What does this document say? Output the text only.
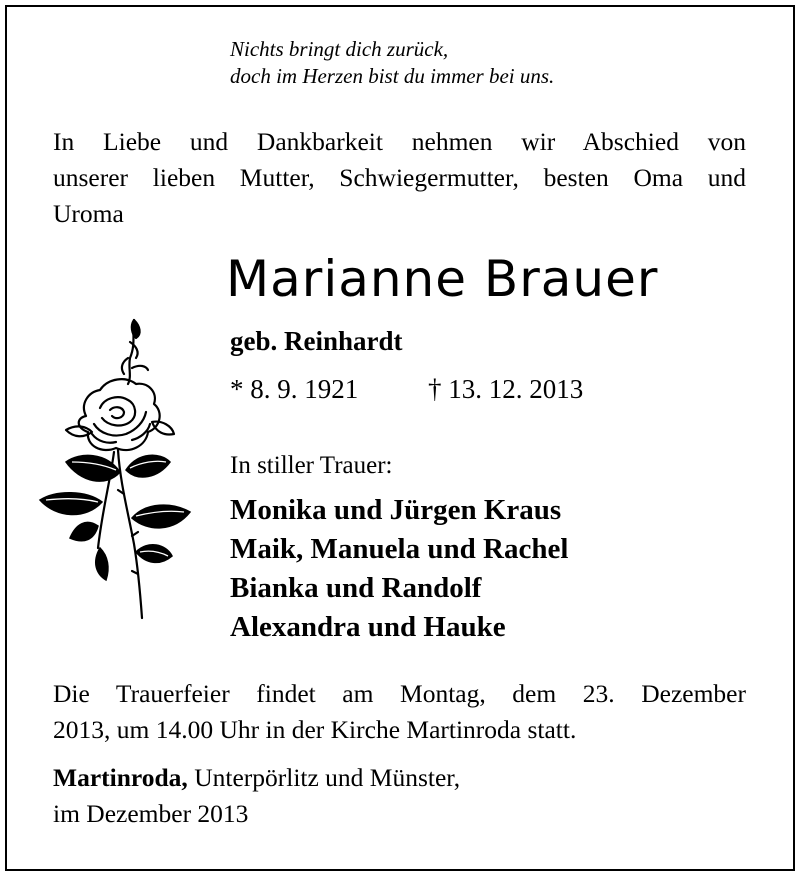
Nichts bringt dich zurück,
doch im Herzen bist du immer bei uns.
In Liebe und Dankbarkeit nehmen wir Abschied von
unserer lieben Mutter, Schwiegermutter, besten Oma und
Uroma
Marianne Brauer
geb. Reinhardt
* 8. 9. 1921	† 13. 12. 2013
In stiller Trauer:
Monika und Jürgen Kraus
Maik, Manuela und Rachel
Bianka und Randolf
Alexandra und Hauke
Die Trauerfeier findet am Montag, dem 23. Dezember
2013, um 14.00 Uhr in der Kirche Martinroda statt.
Martinroda, Unterpörlitz und Münster,
im Dezember 2013
